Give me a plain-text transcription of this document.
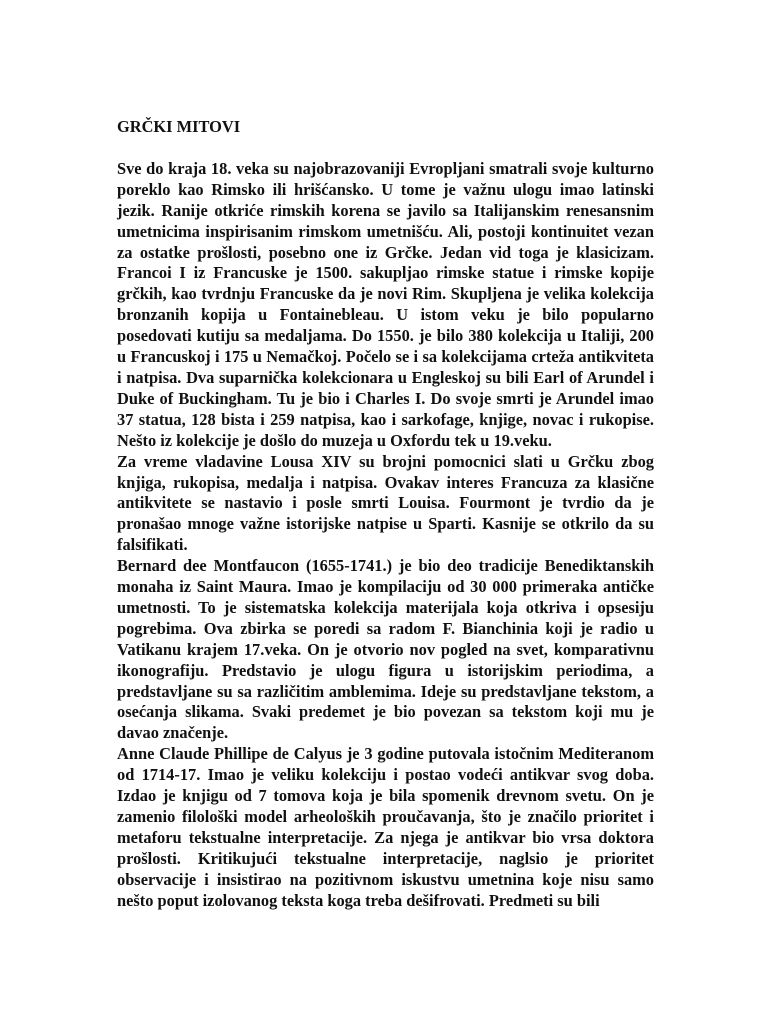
GRČKI MITOVI

Sve do kraja 18. veka su najobrazovaniji Evropljani smatrali svoje kulturno poreklo kao Rimsko ili hrišćansko. U tome je važnu ulogu imao latinski jezik. Ranije otkriće rimskih korena se javilo sa Italijanskim renesansnim umetnicima inspirisanim rimskom umetnišću. Ali, postoji kontinuitet vezan za ostatke prošlosti, posebno one iz Grčke. Jedan vid toga je klasicizam. Francoi I iz Francuske je 1500. sakupljao rimske statue i rimske kopije grčkih, kao tvrdnju Francuske da je novi Rim. Skupljena je velika kolekcija bronzanih kopija u Fontainebleau. U istom veku je bilo popularno posedovati kutiju sa medaljama. Do 1550. je bilo 380 kolekcija u Italiji, 200 u Francuskoj i 175 u Nemačkoj. Počelo se i sa kolekcijama crteža antikviteta i natpisa. Dva suparnička kolekcionara u Engleskoj su bili Earl of Arundel i Duke of Buckingham. Tu je bio i Charles I. Do svoje smrti je Arundel imao 37 statua, 128 bista i 259 natpisa, kao i sarkofage, knjige, novac i rukopise. Nešto iz kolekcije je došlo do muzeja u Oxfordu tek u 19.veku.

Za vreme vladavine Lousa XIV su brojni pomocnici slati u Grčku zbog knjiga, rukopisa, medalja i natpisa. Ovakav interes Francuza za klasične antikvitete se nastavio i posle smrti Louisa. Fourmont je tvrdio da je pronašao mnoge važne istorijske natpise u Sparti. Kasnije se otkrilo da su falsifikati.

Bernard dee Montfaucon (1655-1741.) je bio deo tradicije Benediktanskih monaha iz Saint Maura. Imao je kompilaciju od 30 000 primeraka antičke umetnosti. To je sistematska kolekcija materijala koja otkriva i opsesiju pogrebima. Ova zbirka se poredi sa radom F. Bianchinia koji je radio u Vatikanu krajem 17.veka. On je otvorio nov pogled na svet, komparativnu ikonografiju. Predstavio je ulogu figura u istorijskim periodima, a predstavljane su sa različitim amblemima. Ideje su predstavljane tekstom, a osećanja slikama. Svaki predemet je bio povezan sa tekstom koji mu je davao značenje.

Anne Claude Phillipe de Calyus je 3 godine putovala istočnim Mediteranom od 1714-17. Imao je veliku kolekciju i postao vodeći antikvar svog doba. Izdao je knjigu od 7 tomova koja je bila spomenik drevnom svetu. On je zamenio filološki model arheoloških proučavanja, što je značilo prioritet i metaforu tekstualne interpretacije. Za njega je antikvar bio vrsa doktora prošlosti. Kritikujući tekstualne interpretacije, naglsio je prioritet observacije i insistirao na pozitivnom iskustvu umetnina koje nisu samo nešto poput izolovanog teksta koga treba dešifrovati. Predmeti su bili
